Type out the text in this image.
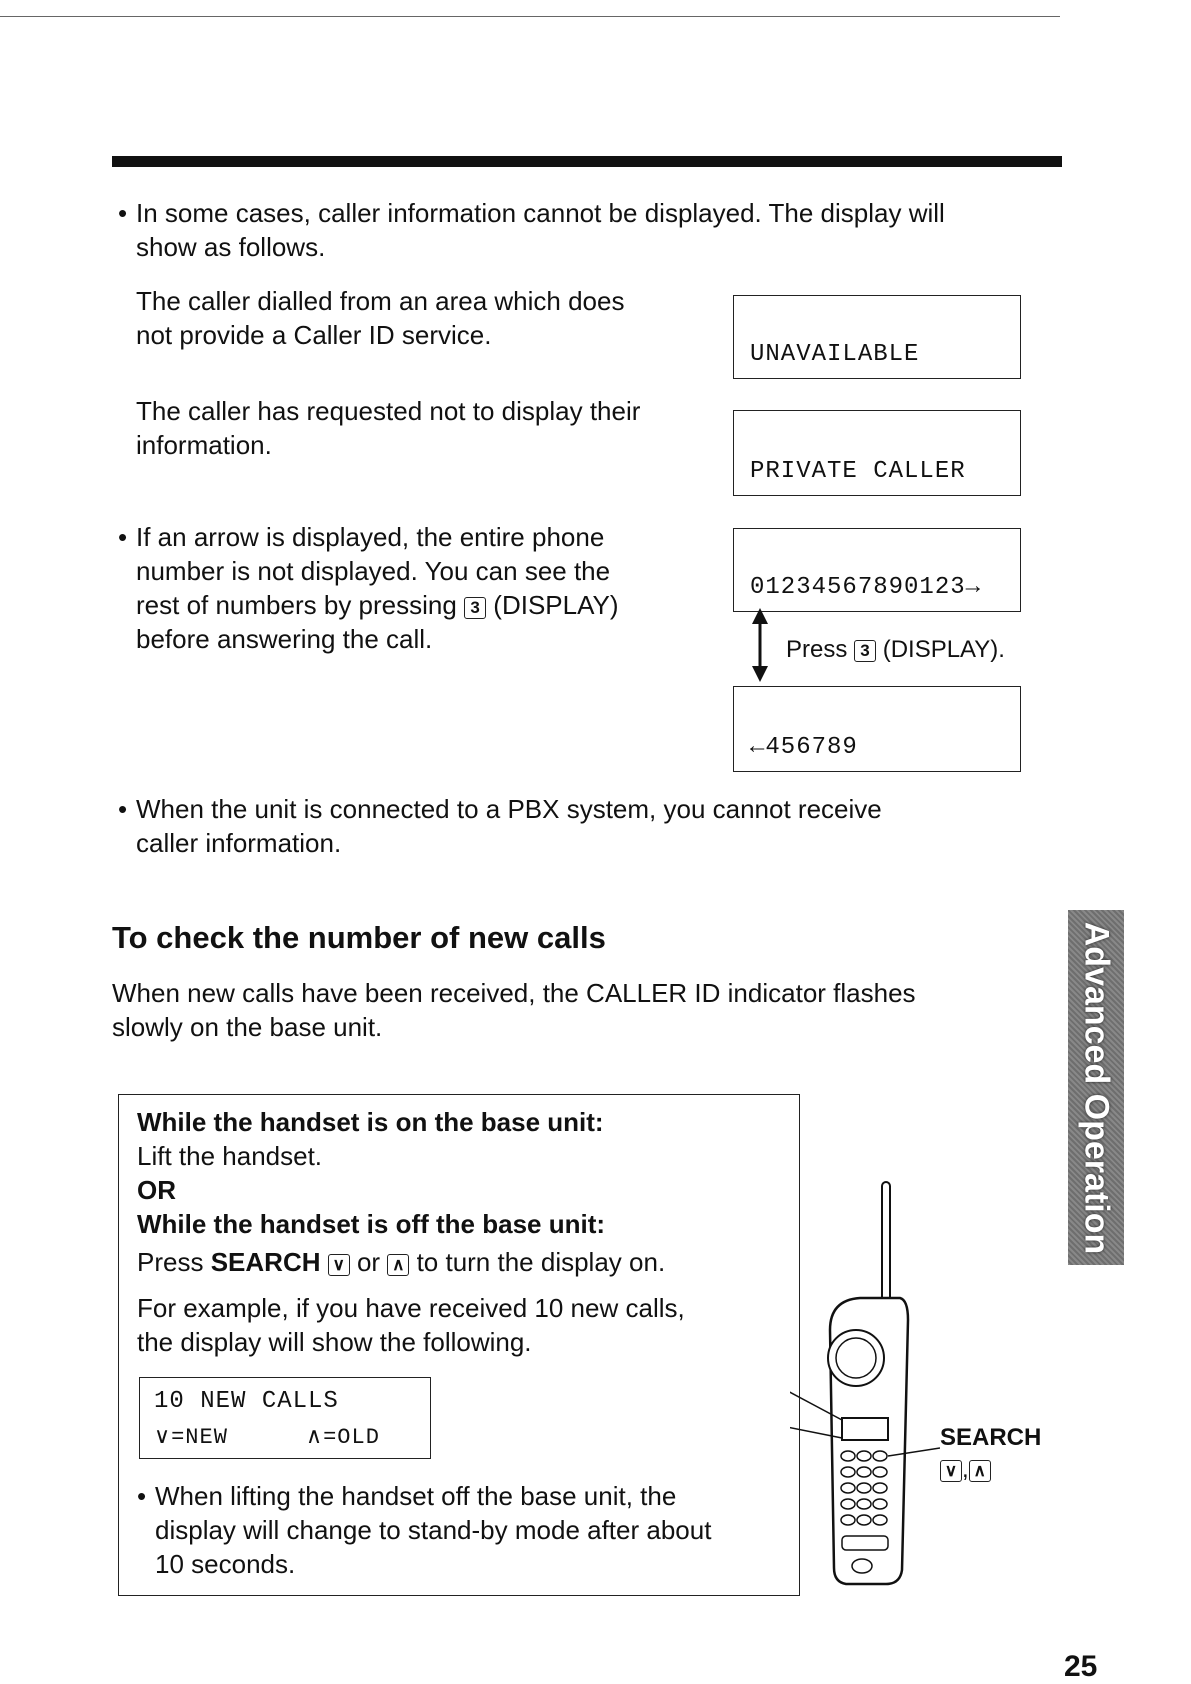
• In some cases, caller information cannot be displayed. The display will
show as follows.
The caller dialled from an area which does
not provide a Caller ID service.
UNAVAILABLE
The caller has requested not to display their
information.
PRIVATE CALLER
• If an arrow is displayed, the entire phone
number is not displayed. You can see the
rest of numbers by pressing 3 (DISPLAY)
before answering the call.
01234567890123→
Press 3 (DISPLAY).
←456789
• When the unit is connected to a PBX system, you cannot receive
caller information.
To check the number of new calls
When new calls have been received, the CALLER ID indicator flashes
slowly on the base unit.
While the handset is on the base unit:
Lift the handset.
OR
While the handset is off the base unit:
Press SEARCH ∨ or ∧ to turn the display on.
For example, if you have received 10 new calls,
the display will show the following.
10 NEW CALLS
∨=NEW	∧=OLD
• When lifting the handset off the base unit, the
display will change to stand-by mode after about
10 seconds.
SEARCH
∨ , ∧
Advanced Operation
25
